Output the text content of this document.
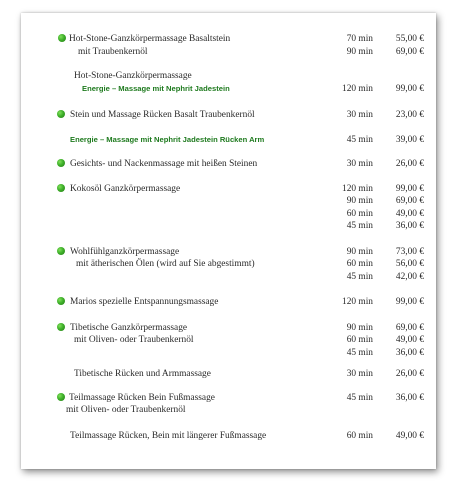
Hot-Stone-Ganzkörpermassage Basaltstein	70 min 55,00 €
mit Traubenkernöl	90 min 69,00 €
Hot-Stone-Ganzkörpermassage
Energie – Massage mit Nephrit Jadestein	120 min 99,00 €
Stein und Massage Rücken Basalt Traubenkernöl	30 min 23,00 €
Energie – Massage mit Nephrit Jadestein Rücken Arm	45 min 39,00 €
Gesichts- und Nackenmassage mit heißen Steinen	30 min 26,00 €
Kokosöl Ganzkörpermassage	120 min 99,00 €
90 min 69,00 €
60 min 49,00 €
45 min 36,00 €
Wohlfühlganzkörpermassage	90 min 73,00 €
mit ätherischen Ölen (wird auf Sie abgestimmt)	60 min 56,00 €
45 min 42,00 €
Marios spezielle Entspannungsmassage	120 min 99,00 €
Tibetische Ganzkörpermassage	90 min 69,00 €
mit Oliven- oder Traubenkernöl	60 min 49,00 €
45 min 36,00 €
Tibetische Rücken und Armmassage	30 min 26,00 €
Teilmassage Rücken Bein Fußmassage	45 min 36,00 €
mit Oliven- oder Traubenkernöl
Teilmassage Rücken, Bein mit längerer Fußmassage	60 min 49,00 €
